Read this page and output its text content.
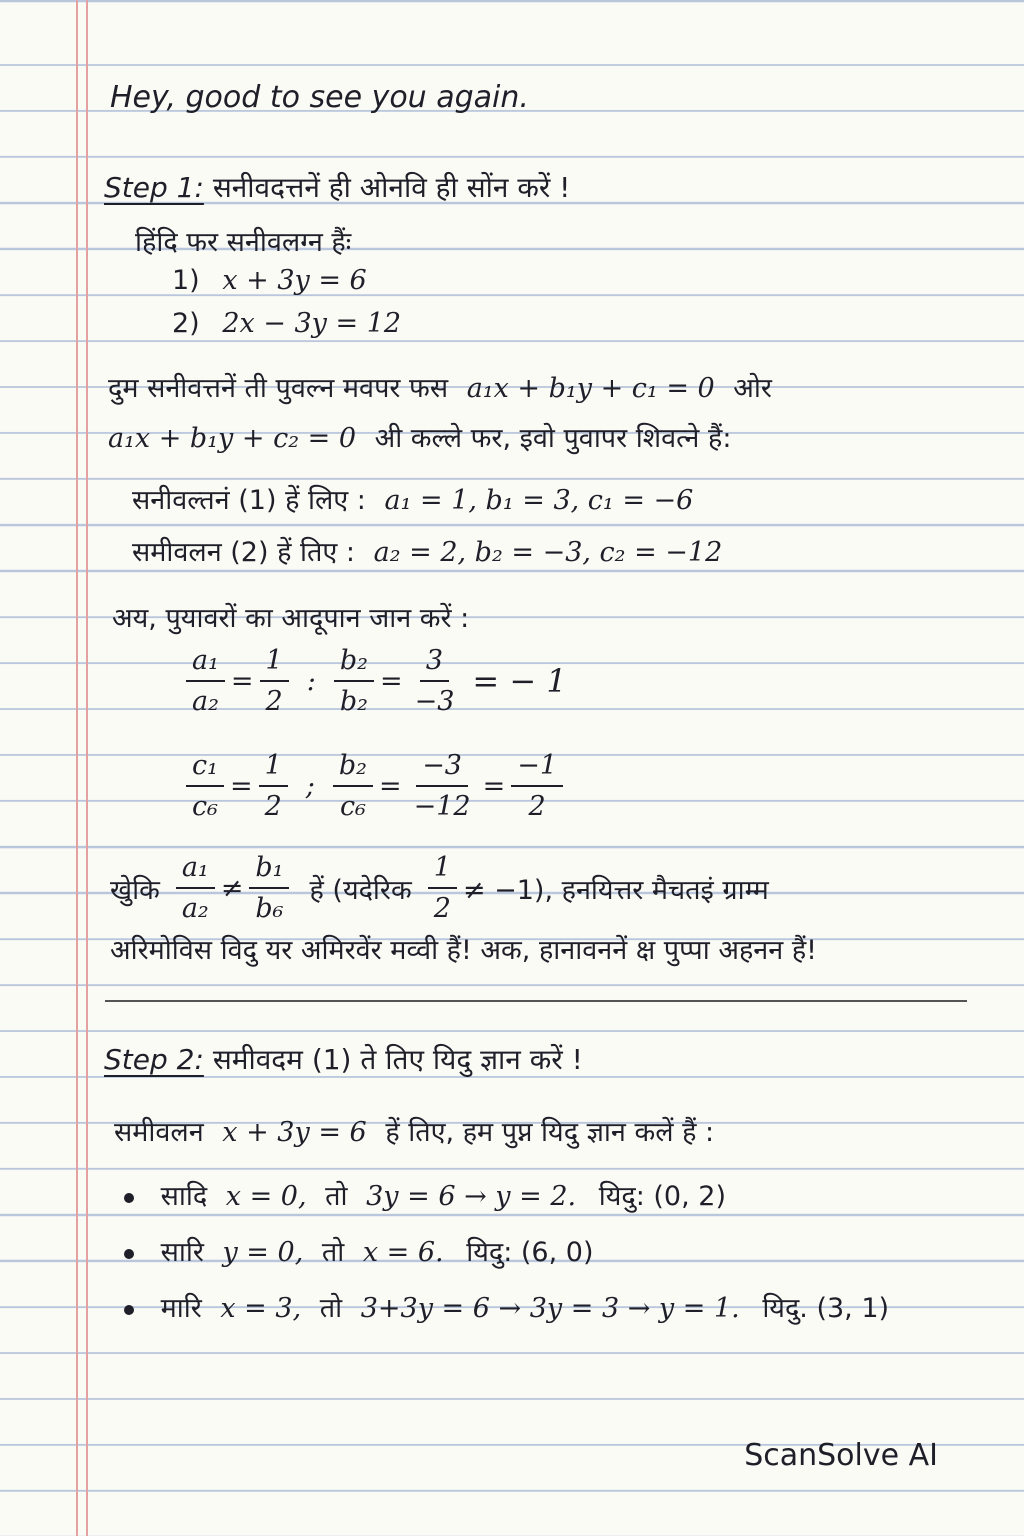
Hey, good to see you again.
Step 1: सनीवदत्तनें ही ओनवि ही सोंन करें !
हिंदि फर सनीवलग्न हैंः
1) x + 3y = 6
2) 2x − 3y = 12
दुम सनीवत्तनें ती पुवल्न मवपर फस a₁x + b₁y + c₁ = 0 ओर
a₁x + b₁y + c₂ = 0 अी कल्ले फर, इवो पुवापर शिवत्ने हैं:
सनीवल्तनं (1) हें लिए : a₁ = 1, b₁ = 3, c₁ = −6
समीवलन (2) हें तिए : a₂ = 2, b₂ = −3, c₂ = −12
अय, पुयावरों का आदूपान जान करें :
$\frac{\text{a₁}}{\text{a₂}} = \frac{1}{2}$ : $\frac{\text{b₂}}{\text{b₂}} = \frac{3}{-3}$ = − 1
$\frac{\text{c₁}}{\text{c₆}} = \frac{1}{2}$ ; $\frac{\text{b₂}}{\text{c₆}} = \frac{-3}{-12} = \frac{-1}{2}$
खुेकि $\frac{\text{a₁}}{\text{a₂}} \ne \frac{\text{b₁}}{\text{b₆}}$ हें (यदेरिक $\frac{1}{2} \ne -1$), हनयित्तर मैचतइं ग्राम्म
अरिमोविस विदु यर अमिरवेंर मव्वी हैं! अक, हानावननें क्ष पुप्पा अहनन हैं!
Step 2: समीवदम (1) ते तिए यिदु ज्ञान करें !
समीवलन x + 3y = 6 हें तिए, हम पुप्न यिदु ज्ञान कलें हैं :
सादि x = 0, तो 3y = 6 → y = 2. यिदु: (0, 2)
सारि y = 0, तो x = 6. यिदु: (6, 0)
मारि x = 3, तो 3+3y = 6 → 3y = 3 → y = 1. यिदु. (3, 1)
ScanSolve AI
